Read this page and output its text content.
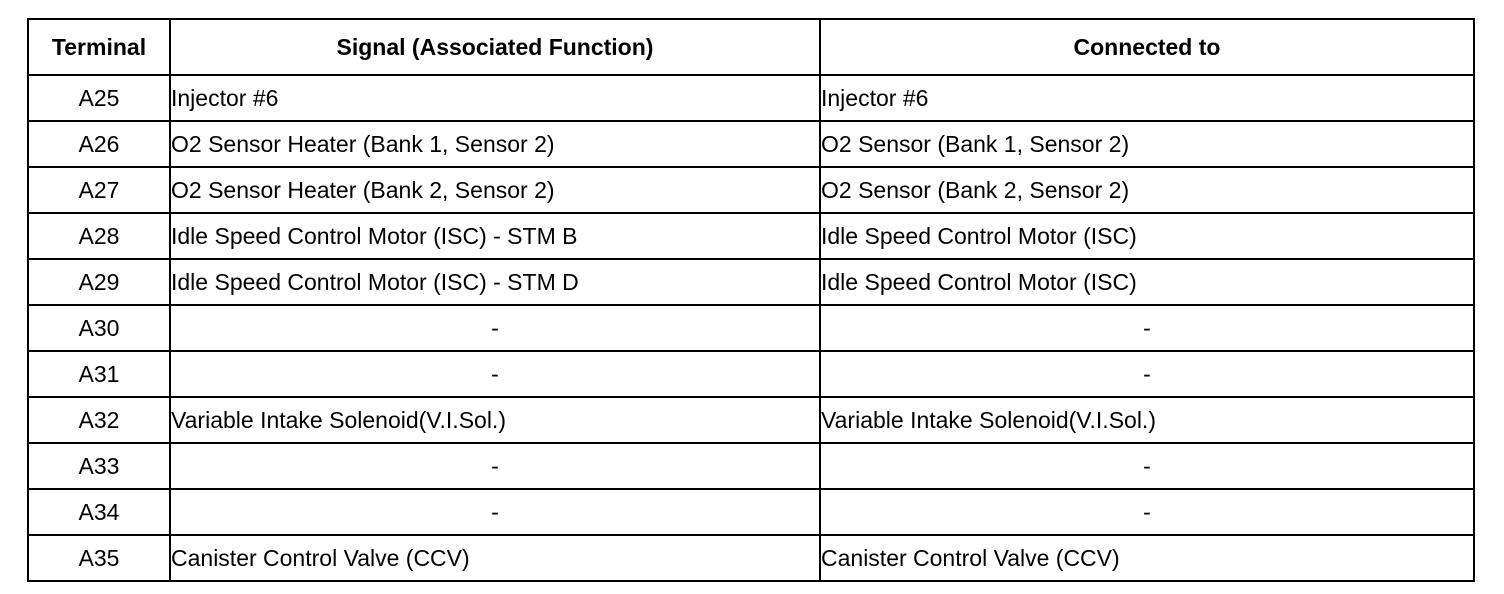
Terminal	Signal (Associated Function)	Connected to
A25	Injector #6	Injector #6
A26	O2 Sensor Heater (Bank 1, Sensor 2)	O2 Sensor (Bank 1, Sensor 2)
A27	O2 Sensor Heater (Bank 2, Sensor 2)	O2 Sensor (Bank 2, Sensor 2)
A28	Idle Speed Control Motor (ISC) - STM B	Idle Speed Control Motor (ISC)
A29	Idle Speed Control Motor (ISC) - STM D	Idle Speed Control Motor (ISC)
A30	-	-
A31	-	-
A32	Variable Intake Solenoid(V.I.Sol.)	Variable Intake Solenoid(V.I.Sol.)
A33	-	-
A34	-	-
A35	Canister Control Valve (CCV)	Canister Control Valve (CCV)
